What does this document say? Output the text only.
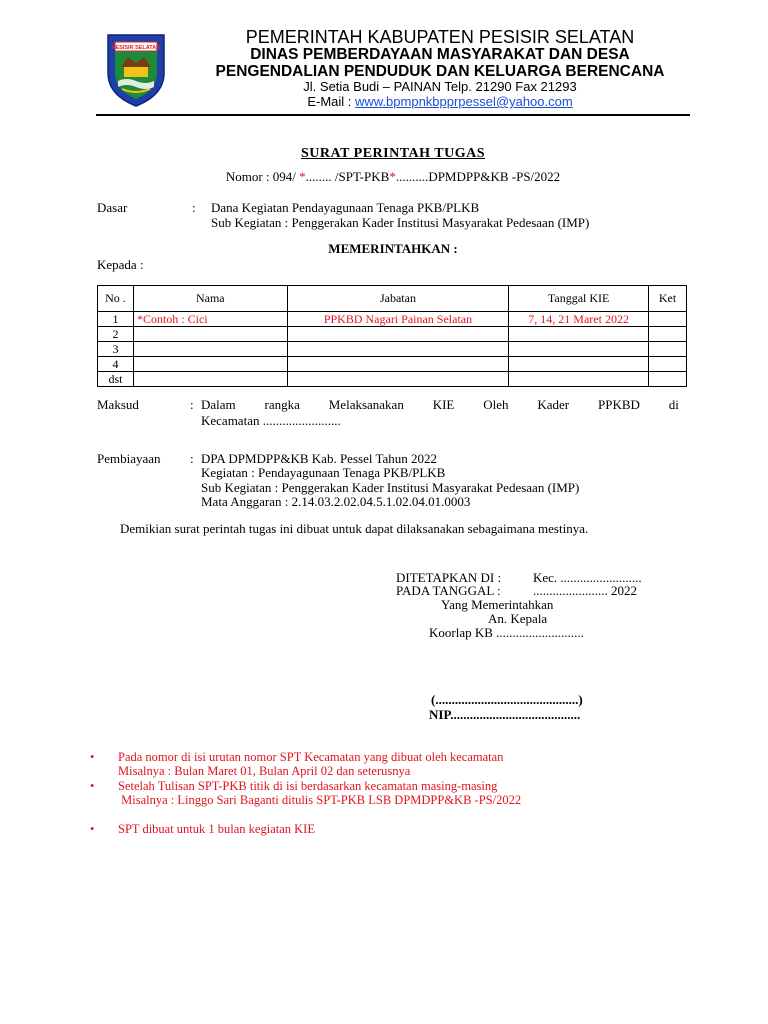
PESISIR SELATAN
PEMERINTAH KABUPATEN PESISIR SELATAN
DINAS PEMBERDAYAAN MASYARAKAT DAN DESA
PENGENDALIAN PENDUDUK DAN KELUARGA BERENCANA
Jl. Setia Budi – PAINAN Telp. 21290 Fax 21293
E-Mail : www.bpmpnkbpprpessel@yahoo.com
SURAT PERINTAH TUGAS
Nomor : 094/ *........ /SPT-PKB*..........DPMDPP&KB -PS/2022
Dasar	: Dana Kegiatan Pendayagunaan Tenaga PKB/PLKB
Sub Kegiatan : Penggerakan Kader Institusi Masyarakat Pedesaan (IMP)
MEMERINTAHKAN :
Kepada :
No .	Nama	Jabatan	Tanggal KIE	Ket
1	*Contoh : Cici	PPKBD Nagari Painan Selatan	7, 14, 21 Maret 2022	
2				
3				
4				
dst				
Maksud	: Dalam rangka Melaksanakan KIE Oleh Kader PPKBD di
Kecamatan ........................
Pembiayaan : DPA DPMDPP&KB Kab. Pessel Tahun 2022
Kegiatan : Pendayagunaan Tenaga PKB/PLKB
Sub Kegiatan : Penggerakan Kader Institusi Masyarakat Pedesaan (IMP)
Mata Anggaran : 2.14.03.2.02.04.5.1.02.04.01.0003
Demikian surat perintah tugas ini dibuat untuk dapat dilaksanakan sebagaimana mestinya.
DITETAPKAN DI : Kec. .........................
PADA TANGGAL : ....................... 2022
Yang Memerintahkan
An. Kepala
Koorlap KB ...........................
(............................................)
NIP........................................
• Pada nomor di isi urutan nomor SPT Kecamatan yang dibuat oleh kecamatan
Misalnya : Bulan Maret 01, Bulan April 02 dan seterusnya
• Setelah Tulisan SPT-PKB titik di isi berdasarkan kecamatan masing-masing
Misalnya : Linggo Sari Baganti ditulis SPT-PKB LSB DPMDPP&KB -PS/2022
• SPT dibuat untuk 1 bulan kegiatan KIE
